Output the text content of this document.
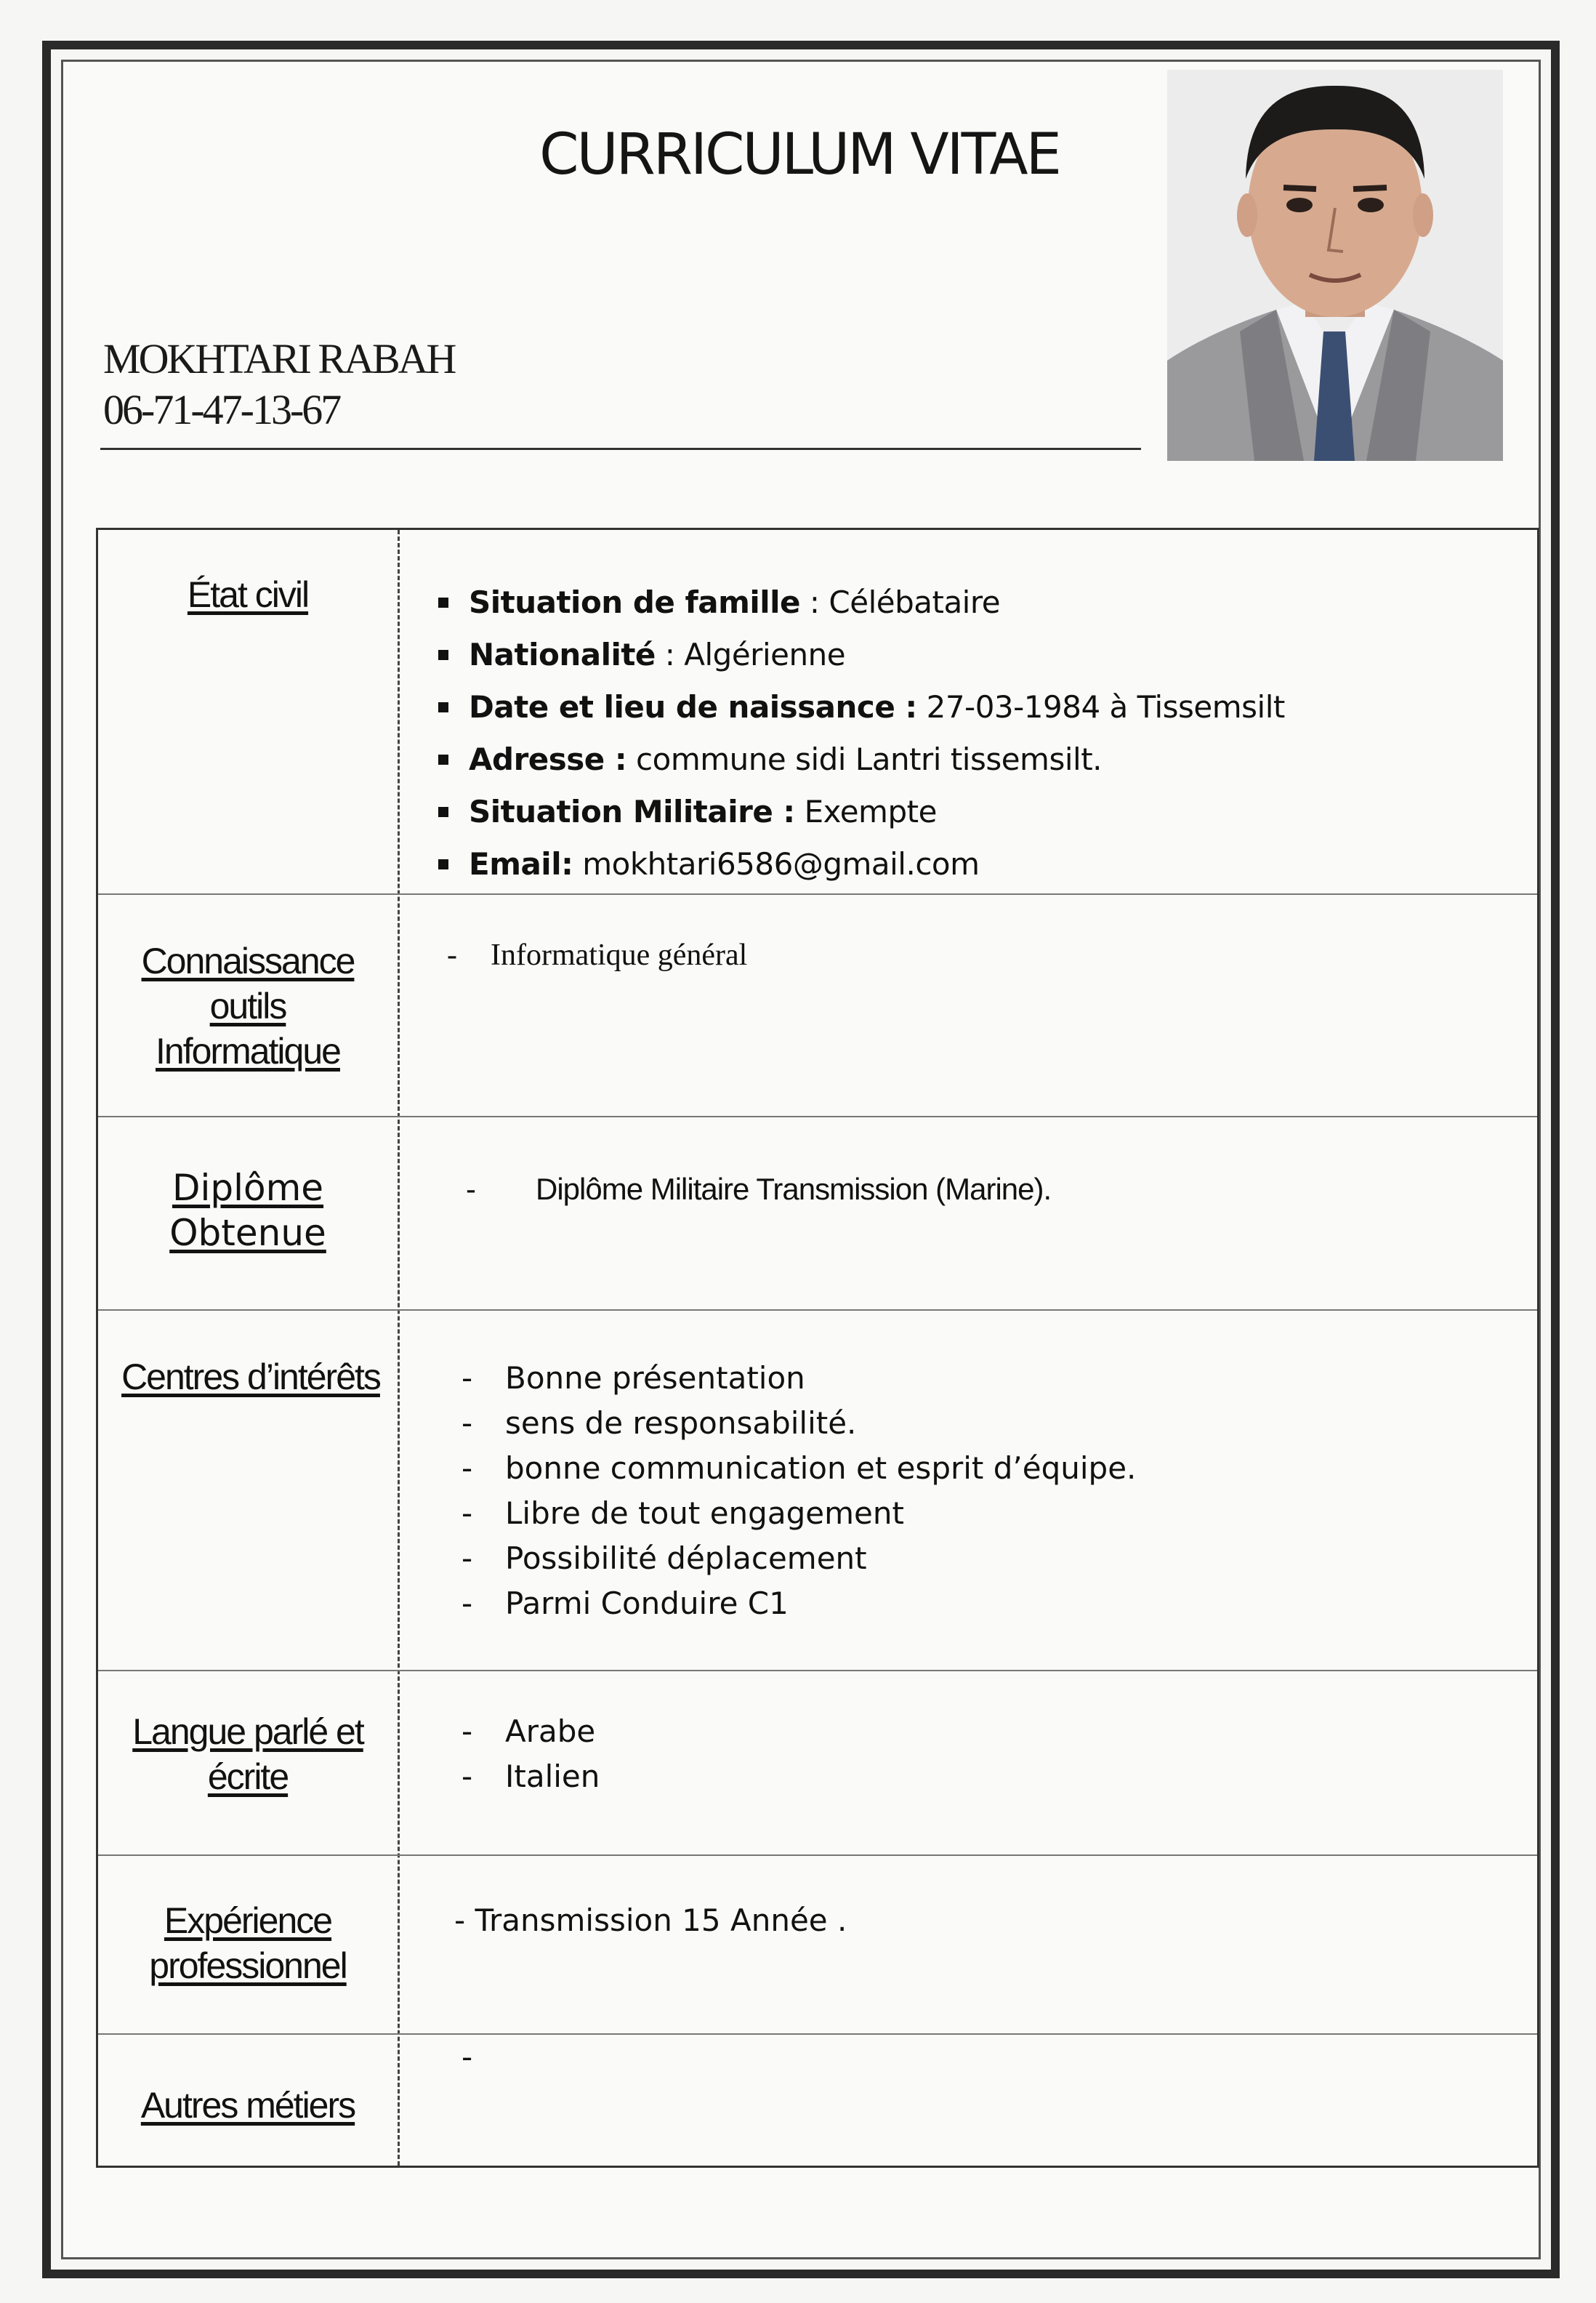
CURRICULUM VITAE
MOKHTARI RABAH
06-71-47-13-67
État civil	Situation de famille : Célébataire
Nationalité : Algérienne
Date et lieu de naissance : 27-03-1984 à Tissemsilt
Adresse : commune sidi Lantri tissemsilt.
Situation Militaire : Exempte
Email: mokhtari6586@gmail.com
Connaissance
outils
Informatique
- Informatique général
Diplôme
Obtenue
- Diplôme Militaire Transmission (Marine).
Centres d’intérêts	- Bonne présentation
- sens de responsabilité.
- bonne communication et esprit d’équipe.
- Libre de tout engagement
- Possibilité déplacement
- Parmi Conduire C1
Langue parlé et
écrite
- Arabe
- Italien
Expérience
professionnel
- Transmission 15 Année .
Autres métiers
-
